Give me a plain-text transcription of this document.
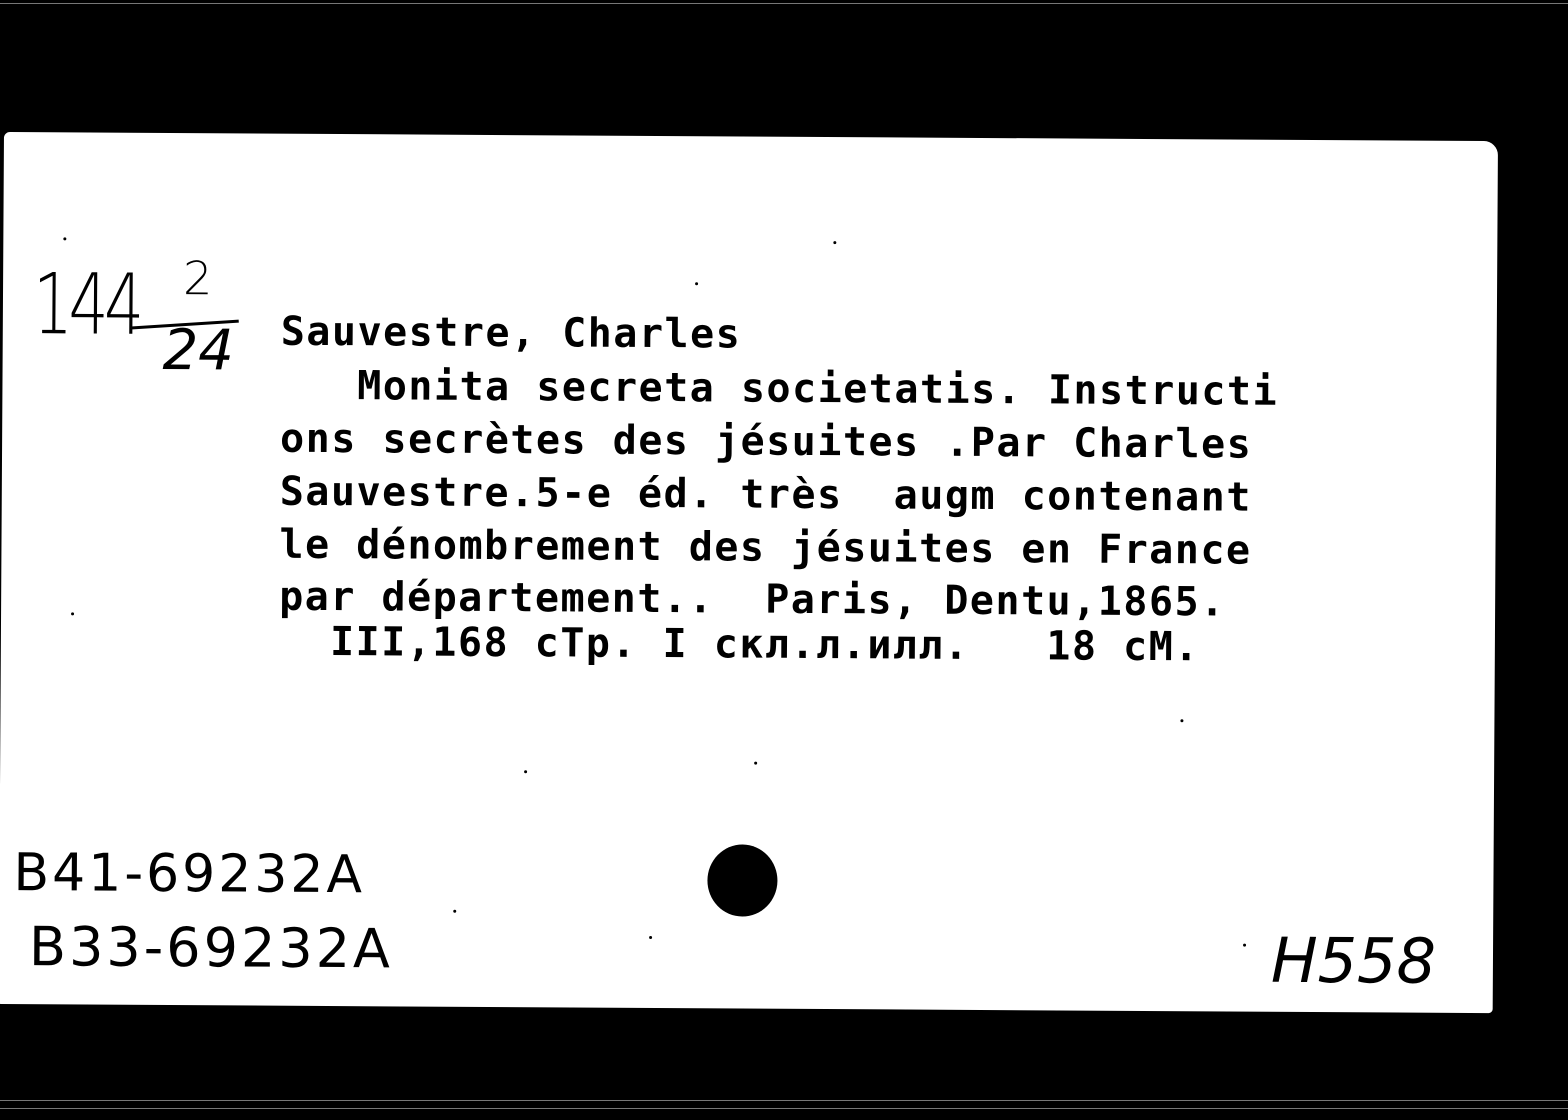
144 2
24 Sauvestre, Charles
Monita secreta societatis. Instructi
ons secrètes des jésuites .Par Charles
Sauvestre.5-e éd. très  augm contenant
le dénombrement des jésuites en France
par département..  Paris, Dentu,1865.
III,168 cTp. I cкл.л.илл.   18 cM.
B41-69232A
B33-69232A	H558
